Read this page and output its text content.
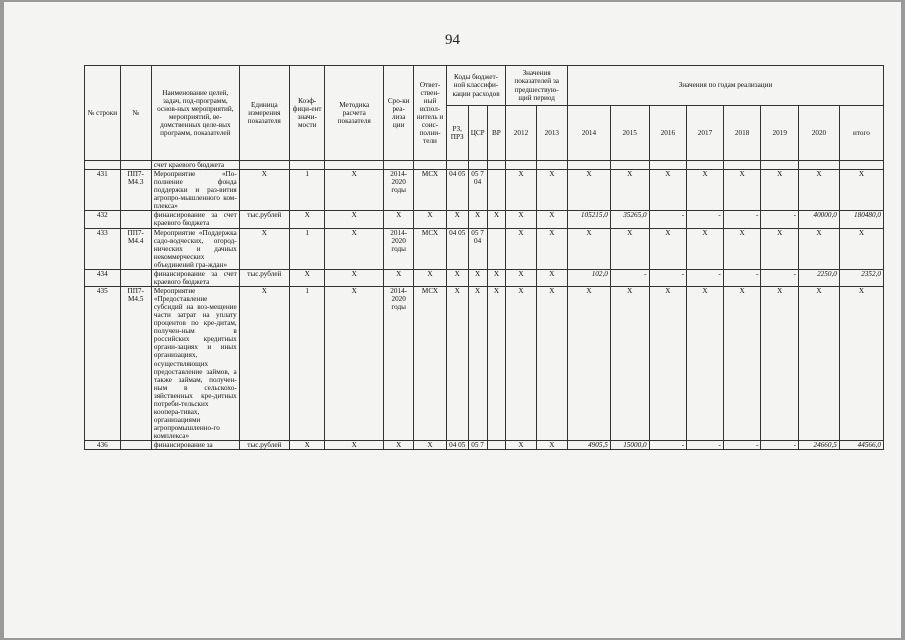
94
№ строки	№	Наименование целей, задач, под-программ, основ-ных мероприятий, мероприятий, ве-домственных целе-вых программ, показателей	Единица измерения показателя	Коэф-фици-ент значи-мости	Методика расчета показателя	Сро-ки реа-лиза ции	Ответ-ствен-ный испол-нитель и соис-полни-тели	Коды бюджет-ной классифи-кации расходов			Значения показателей за предшествую-щий период		Значения по годам реализации							
								РЗ, ПРЗ	ЦСР	ВР	2012	2013	2014	2015	2016	2017	2018	2019	2020	итого
		счет краевого бюджета																		
431	ПП7-М4.3	Мероприятие «По-полнение фонда поддержки и раз-вития агропро-мышленного ком-плекса»	Х	1	Х	2014-2020 годы	МСХ	04 05	05 7 04		Х	Х	Х	Х	Х	Х	Х	Х	Х	Х
432		финансирование за счет краевого бюджета	тыс.рублей	Х	Х	Х	Х	Х	Х	Х	Х	Х	105215,0	35265,0	-	-	-	-	40000,0	180480,0
433	ПП7-М4.4	Мероприятие «Поддержка садо-водческих, огород-нических и дачных некоммерческих объединений гра-ждан»	Х	1	Х	2014-2020 годы	МСХ	04 05	05 7 04		Х	Х	Х	Х	Х	Х	Х	Х	Х	Х
434		финансирование за счет краевого бюджета	тыс.рублей	Х	Х	Х	Х	Х	Х	Х	Х	Х	102,0	-	-	-	-	-	2250,0	2352,0
435	ПП7-М4.5	Мероприятие «Предоставление субсидий на воз-мещение части затрат на уплату процентов по кре-дитам, получен-ным в российских кредитных органи-зациях и иных организациях, осуществляющих предоставление займов, а также займам, получен-ным в сельскохо-зяйственных кре-дитных потреби-тельских коопера-тивах, организациями агропромышленно-го комплекса»	Х	1	Х	2014-2020 годы	МСХ	Х	Х	Х	Х	Х	Х	Х	Х	Х	Х	Х	Х	Х
436		финансирование за	тыс.рублей	Х	Х	Х	Х	04 05	05 7		Х	Х	4905,5	15000,0	-	-	-	-	24660,5	44566,0
